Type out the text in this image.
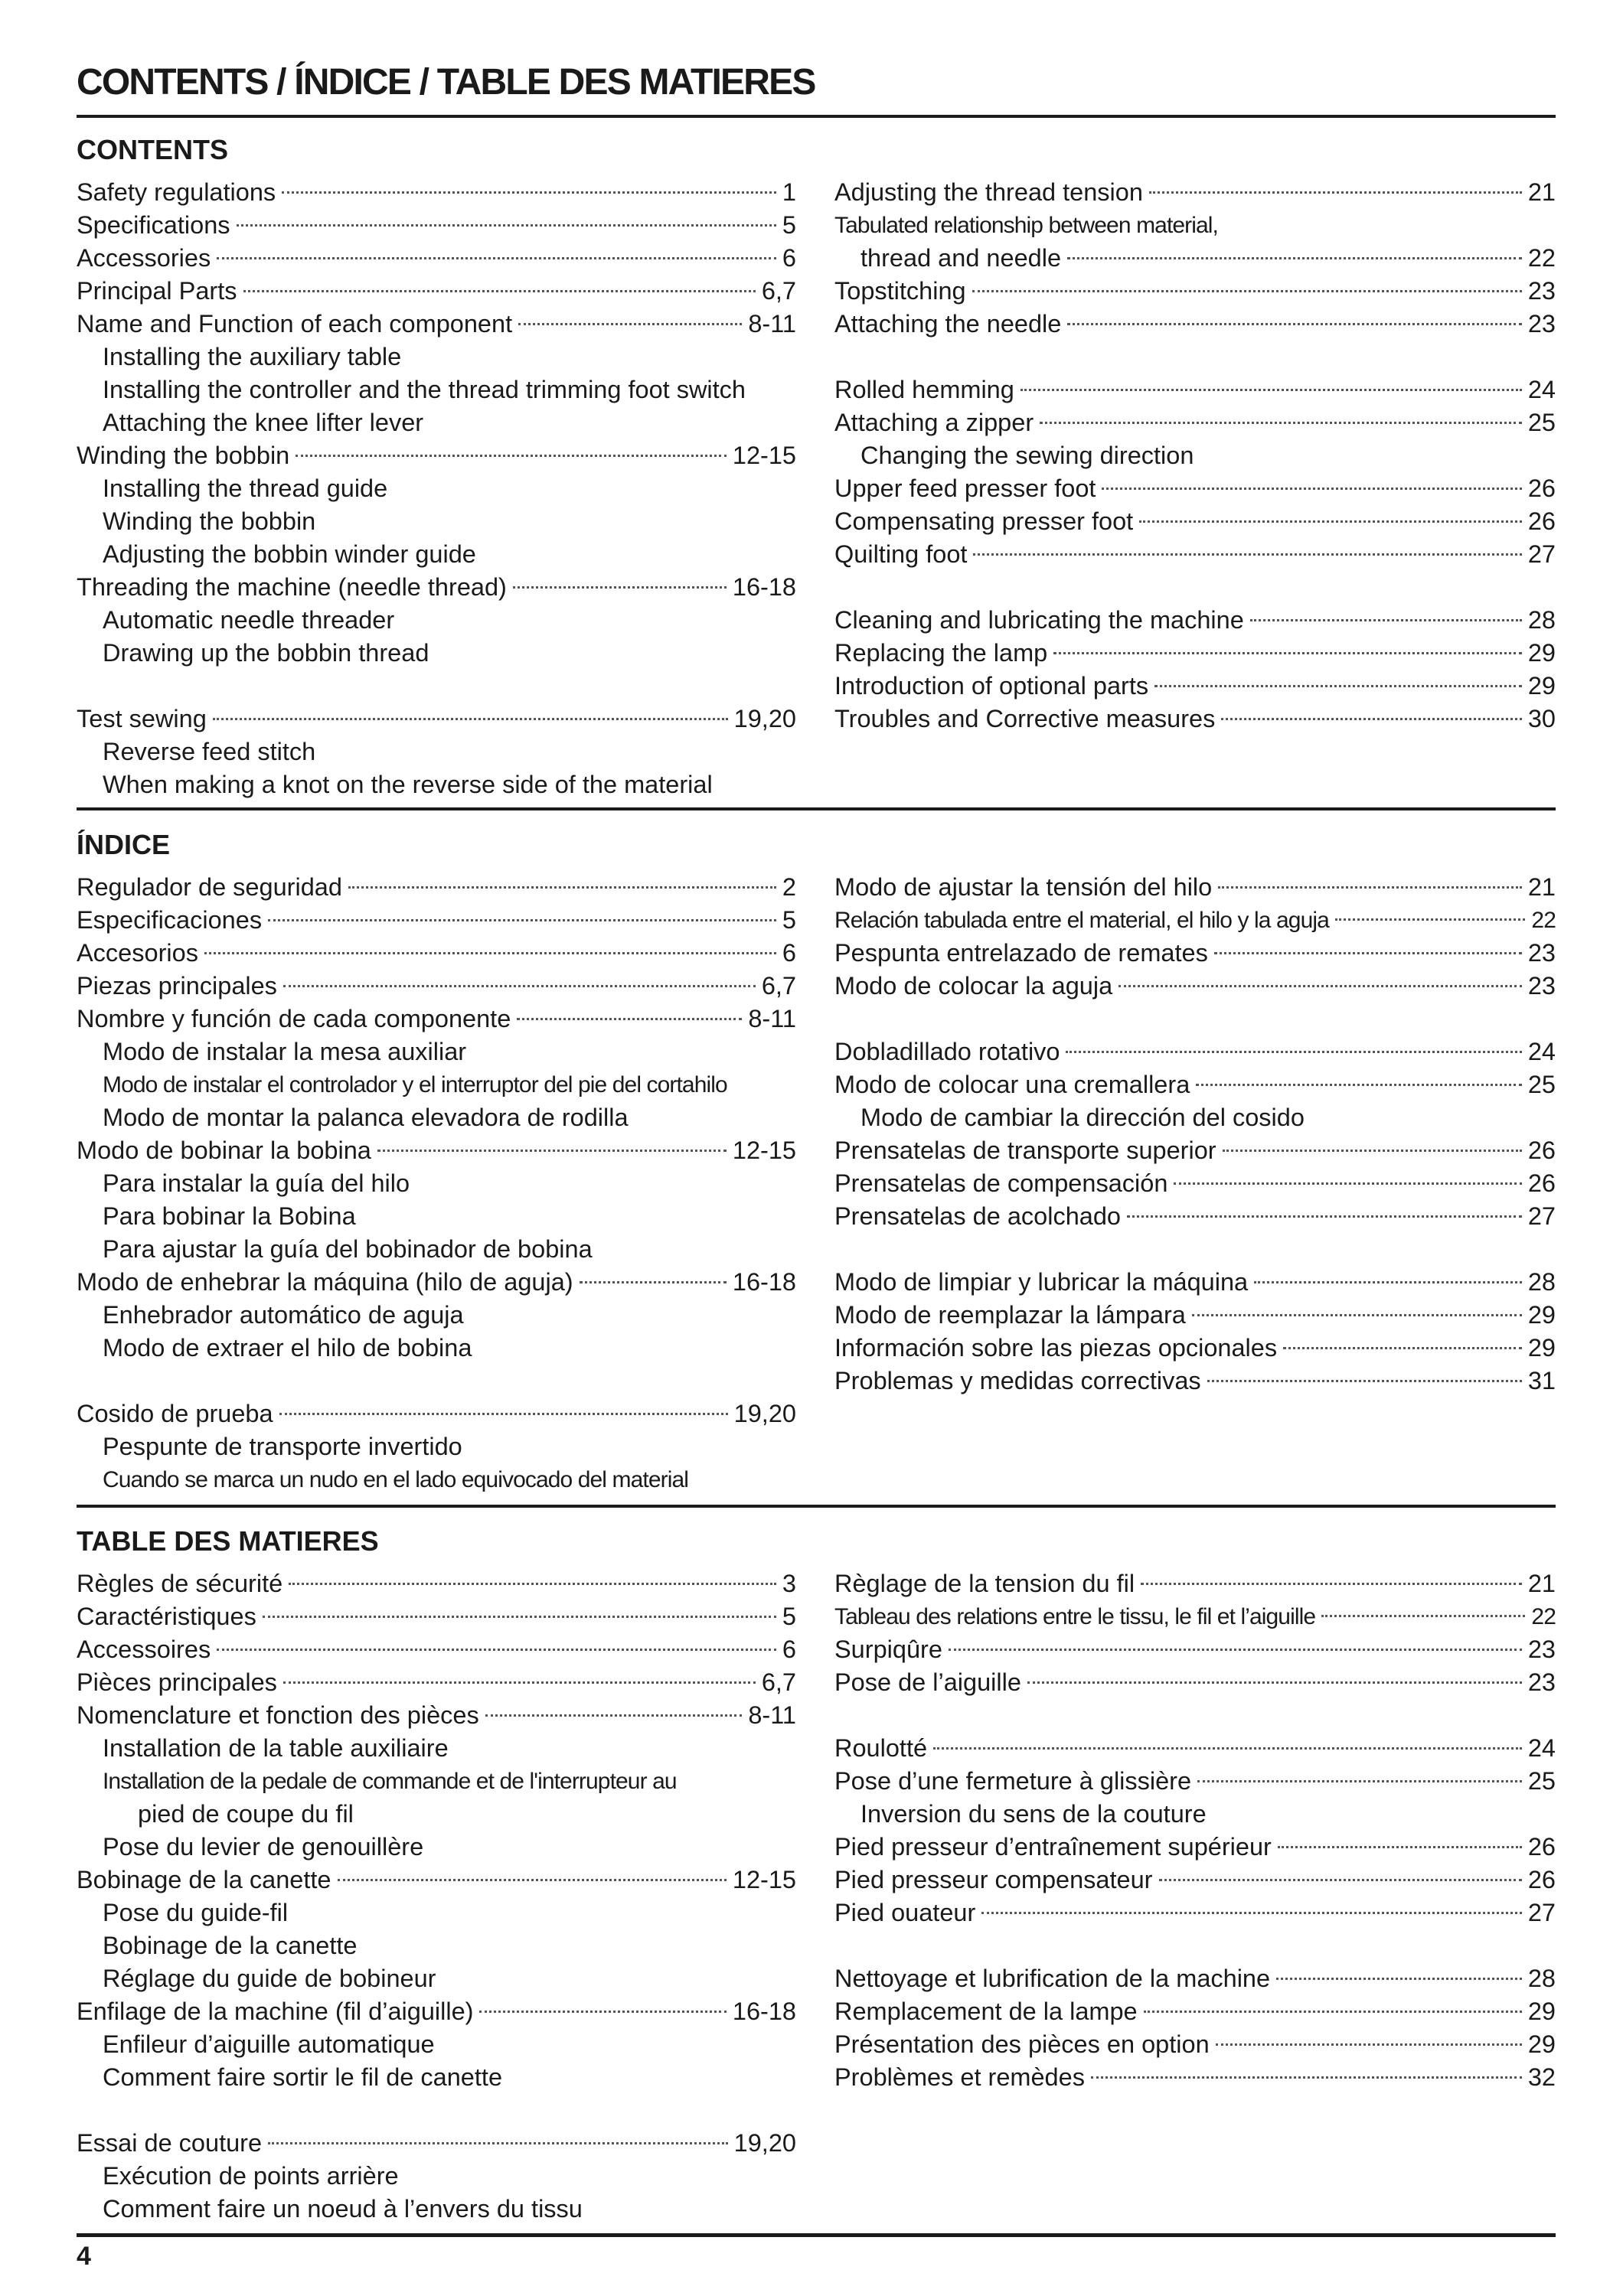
CONTENTS / ÍNDICE / TABLE DES MATIERES
CONTENTS
Safety regulations	1
Specifications	5
Accessories	6
Principal Parts	6,7
Name and Function of each component	8-11
Installing the auxiliary table
Installing the controller and the thread trimming foot switch
Attaching the knee lifter lever
Winding the bobbin	12-15
Installing the thread guide
Winding the bobbin
Adjusting the bobbin winder guide
Threading the machine (needle thread)	16-18
Automatic needle threader
Drawing up the bobbin thread
Test sewing	19,20
Reverse feed stitch
When making a knot on the reverse side of the material
Adjusting the thread tension	21
Tabulated relationship between material,
thread and needle	22
Topstitching	23
Attaching the needle	23
Rolled hemming	24
Attaching a zipper	25
Changing the sewing direction
Upper feed presser foot	26
Compensating presser foot	26
Quilting foot	27
Cleaning and lubricating the machine	28
Replacing the lamp	29
Introduction of optional parts	29
Troubles and Corrective measures	30
ÍNDICE
Regulador de seguridad	2
Especificaciones	5
Accesorios	6
Piezas principales	6,7
Nombre y función de cada componente	8-11
Modo de instalar la mesa auxiliar
Modo de instalar el controlador y el interruptor del pie del cortahilo
Modo de montar la palanca elevadora de rodilla
Modo de bobinar la bobina	12-15
Para instalar la guía del hilo
Para bobinar la Bobina
Para ajustar la guía del bobinador de bobina
Modo de enhebrar la máquina (hilo de aguja)	16-18
Enhebrador automático de aguja
Modo de extraer el hilo de bobina
Cosido de prueba	19,20
Pespunte de transporte invertido
Cuando se marca un nudo en el lado equivocado del material
Modo de ajustar la tensión del hilo	21
Relación tabulada entre el material, el hilo y la aguja	22
Pespunta entrelazado de remates	23
Modo de colocar la aguja	23
Dobladillado rotativo	24
Modo de colocar una cremallera	25
Modo de cambiar la dirección del cosido
Prensatelas de transporte superior	26
Prensatelas de compensación	26
Prensatelas de acolchado	27
Modo de limpiar y lubricar la máquina	28
Modo de reemplazar la lámpara	29
Información sobre las piezas opcionales	29
Problemas y medidas correctivas	31
TABLE DES MATIERES
Règles de sécurité	3
Caractéristiques	5
Accessoires	6
Pièces principales	6,7
Nomenclature et fonction des pièces	8-11
Installation de la table auxiliaire
Installation de la pedale de commande et de l'interrupteur au
pied de coupe du fil
Pose du levier de genouillère
Bobinage de la canette	12-15
Pose du guide-fil
Bobinage de la canette
Réglage du guide de bobineur
Enfilage de la machine (fil d’aiguille)	16-18
Enfileur d’aiguille automatique
Comment faire sortir le fil de canette
Essai de couture	19,20
Exécution de points arrière
Comment faire un noeud à l’envers du tissu
Règlage de la tension du fil	21
Tableau des relations entre le tissu, le fil et l’aiguille	22
Surpiqûre	23
Pose de l’aiguille	23
Roulotté	24
Pose d’une fermeture à glissière	25
Inversion du sens de la couture
Pied presseur d’entraînement supérieur	26
Pied presseur compensateur	26
Pied ouateur	27
Nettoyage et lubrification de la machine	28
Remplacement de la lampe	29
Présentation des pièces en option	29
Problèmes et remèdes	32
4
